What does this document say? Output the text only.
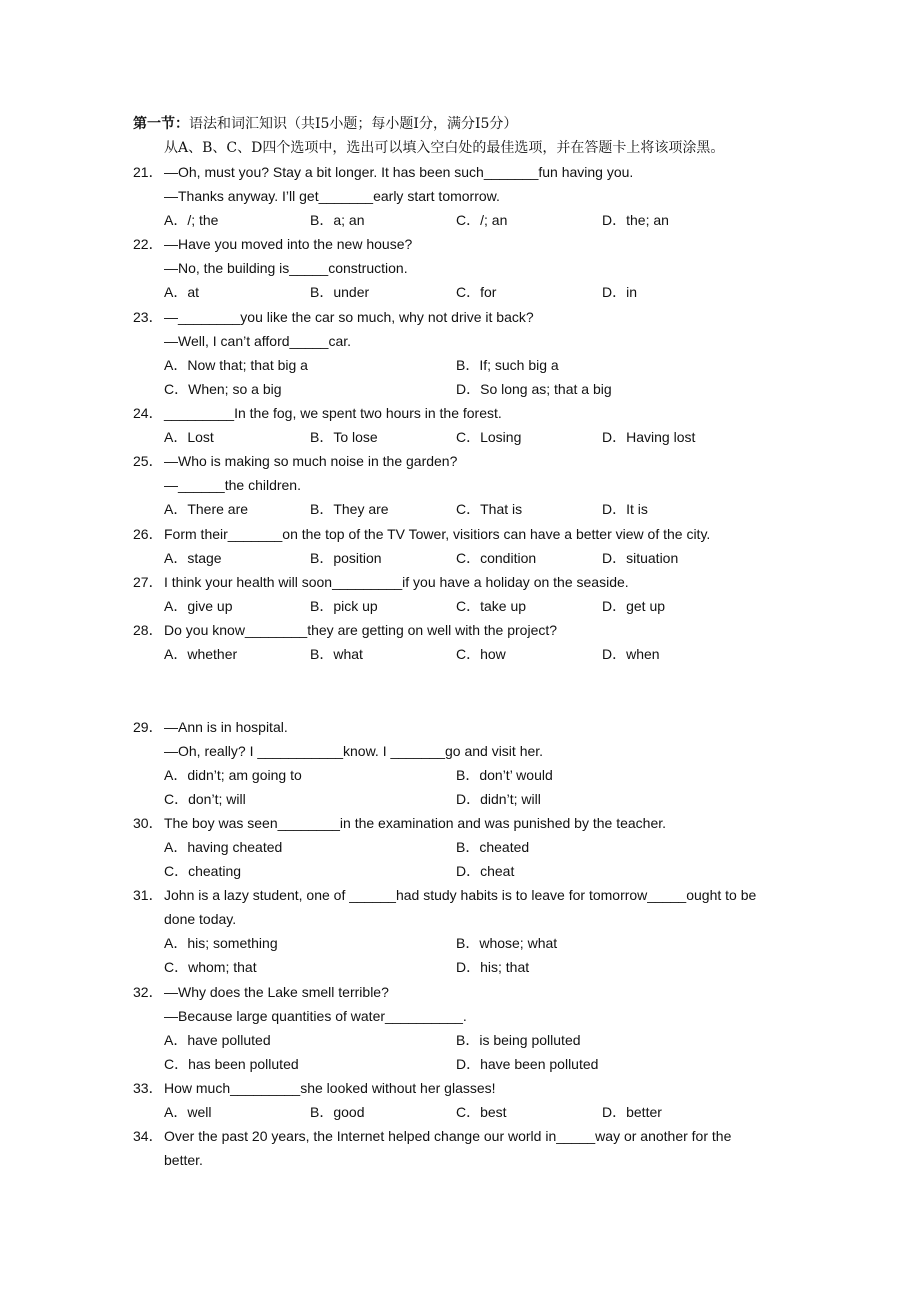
第一节：语法和词汇知识（共I5小题；每小题I分，满分I5分）
从A、B、C、D四个选项中，选出可以填入空白处的最佳选项，并在答题卡上将该项涂黑。
21． —Oh, must you? Stay a bit longer. It has been such_______fun having you.
—Thanks anyway. I’ll get_______early start tomorrow.
A．/; the	B．a; an	C．/; an	D．the; an
22． —Have you moved into the new house?
—No, the building is_____construction.
A．at	B．under	C．for	D．in
23． —________you like the car so much, why not drive it back?
—Well, I can’t afford_____car.
A．Now that; that big a	B．If; such big a
C．When; so a big	D．So long as; that a big
24． _________In the fog, we spent two hours in the forest.
A．Lost	B．To lose	C．Losing	D．Having lost
25． —Who is making so much noise in the garden?
—______the children.
A．There are	B．They are	C．That is	D．It is
26． Form their_______on the top of the TV Tower, visitiors can have a better view of the city.
A．stage	B．position	C．condition	D．situation
27． I think your health will soon_________if you have a holiday on the seaside.
A．give up	B．pick up	C．take up	D．get up
28． Do you know________they are getting on well with the project?
A．whether	B．what	C．how	D．when
29． —Ann is in hospital.
—Oh, really? I ___________know. I _______go and visit her.
A．didn’t; am going to	B．don’t’ would
C．don’t; will	D．didn’t; will
30． The boy was seen________in the examination and was punished by the teacher.
A．having cheated	B．cheated
C．cheating	D．cheat
31． John is a lazy student, one of ______had study habits is to leave for tomorrow_____ought to be
done today.
A．his; something	B．whose; what
C．whom; that	D．his; that
32． —Why does the Lake smell terrible?
—Because large quantities of water__________.
A．have polluted	B．is being polluted
C．has been polluted	D．have been polluted
33． How much_________she looked without her glasses!
A．well	B．good	C．best	D．better
34． Over the past 20 years, the Internet helped change our world in_____way or another for the
better.
